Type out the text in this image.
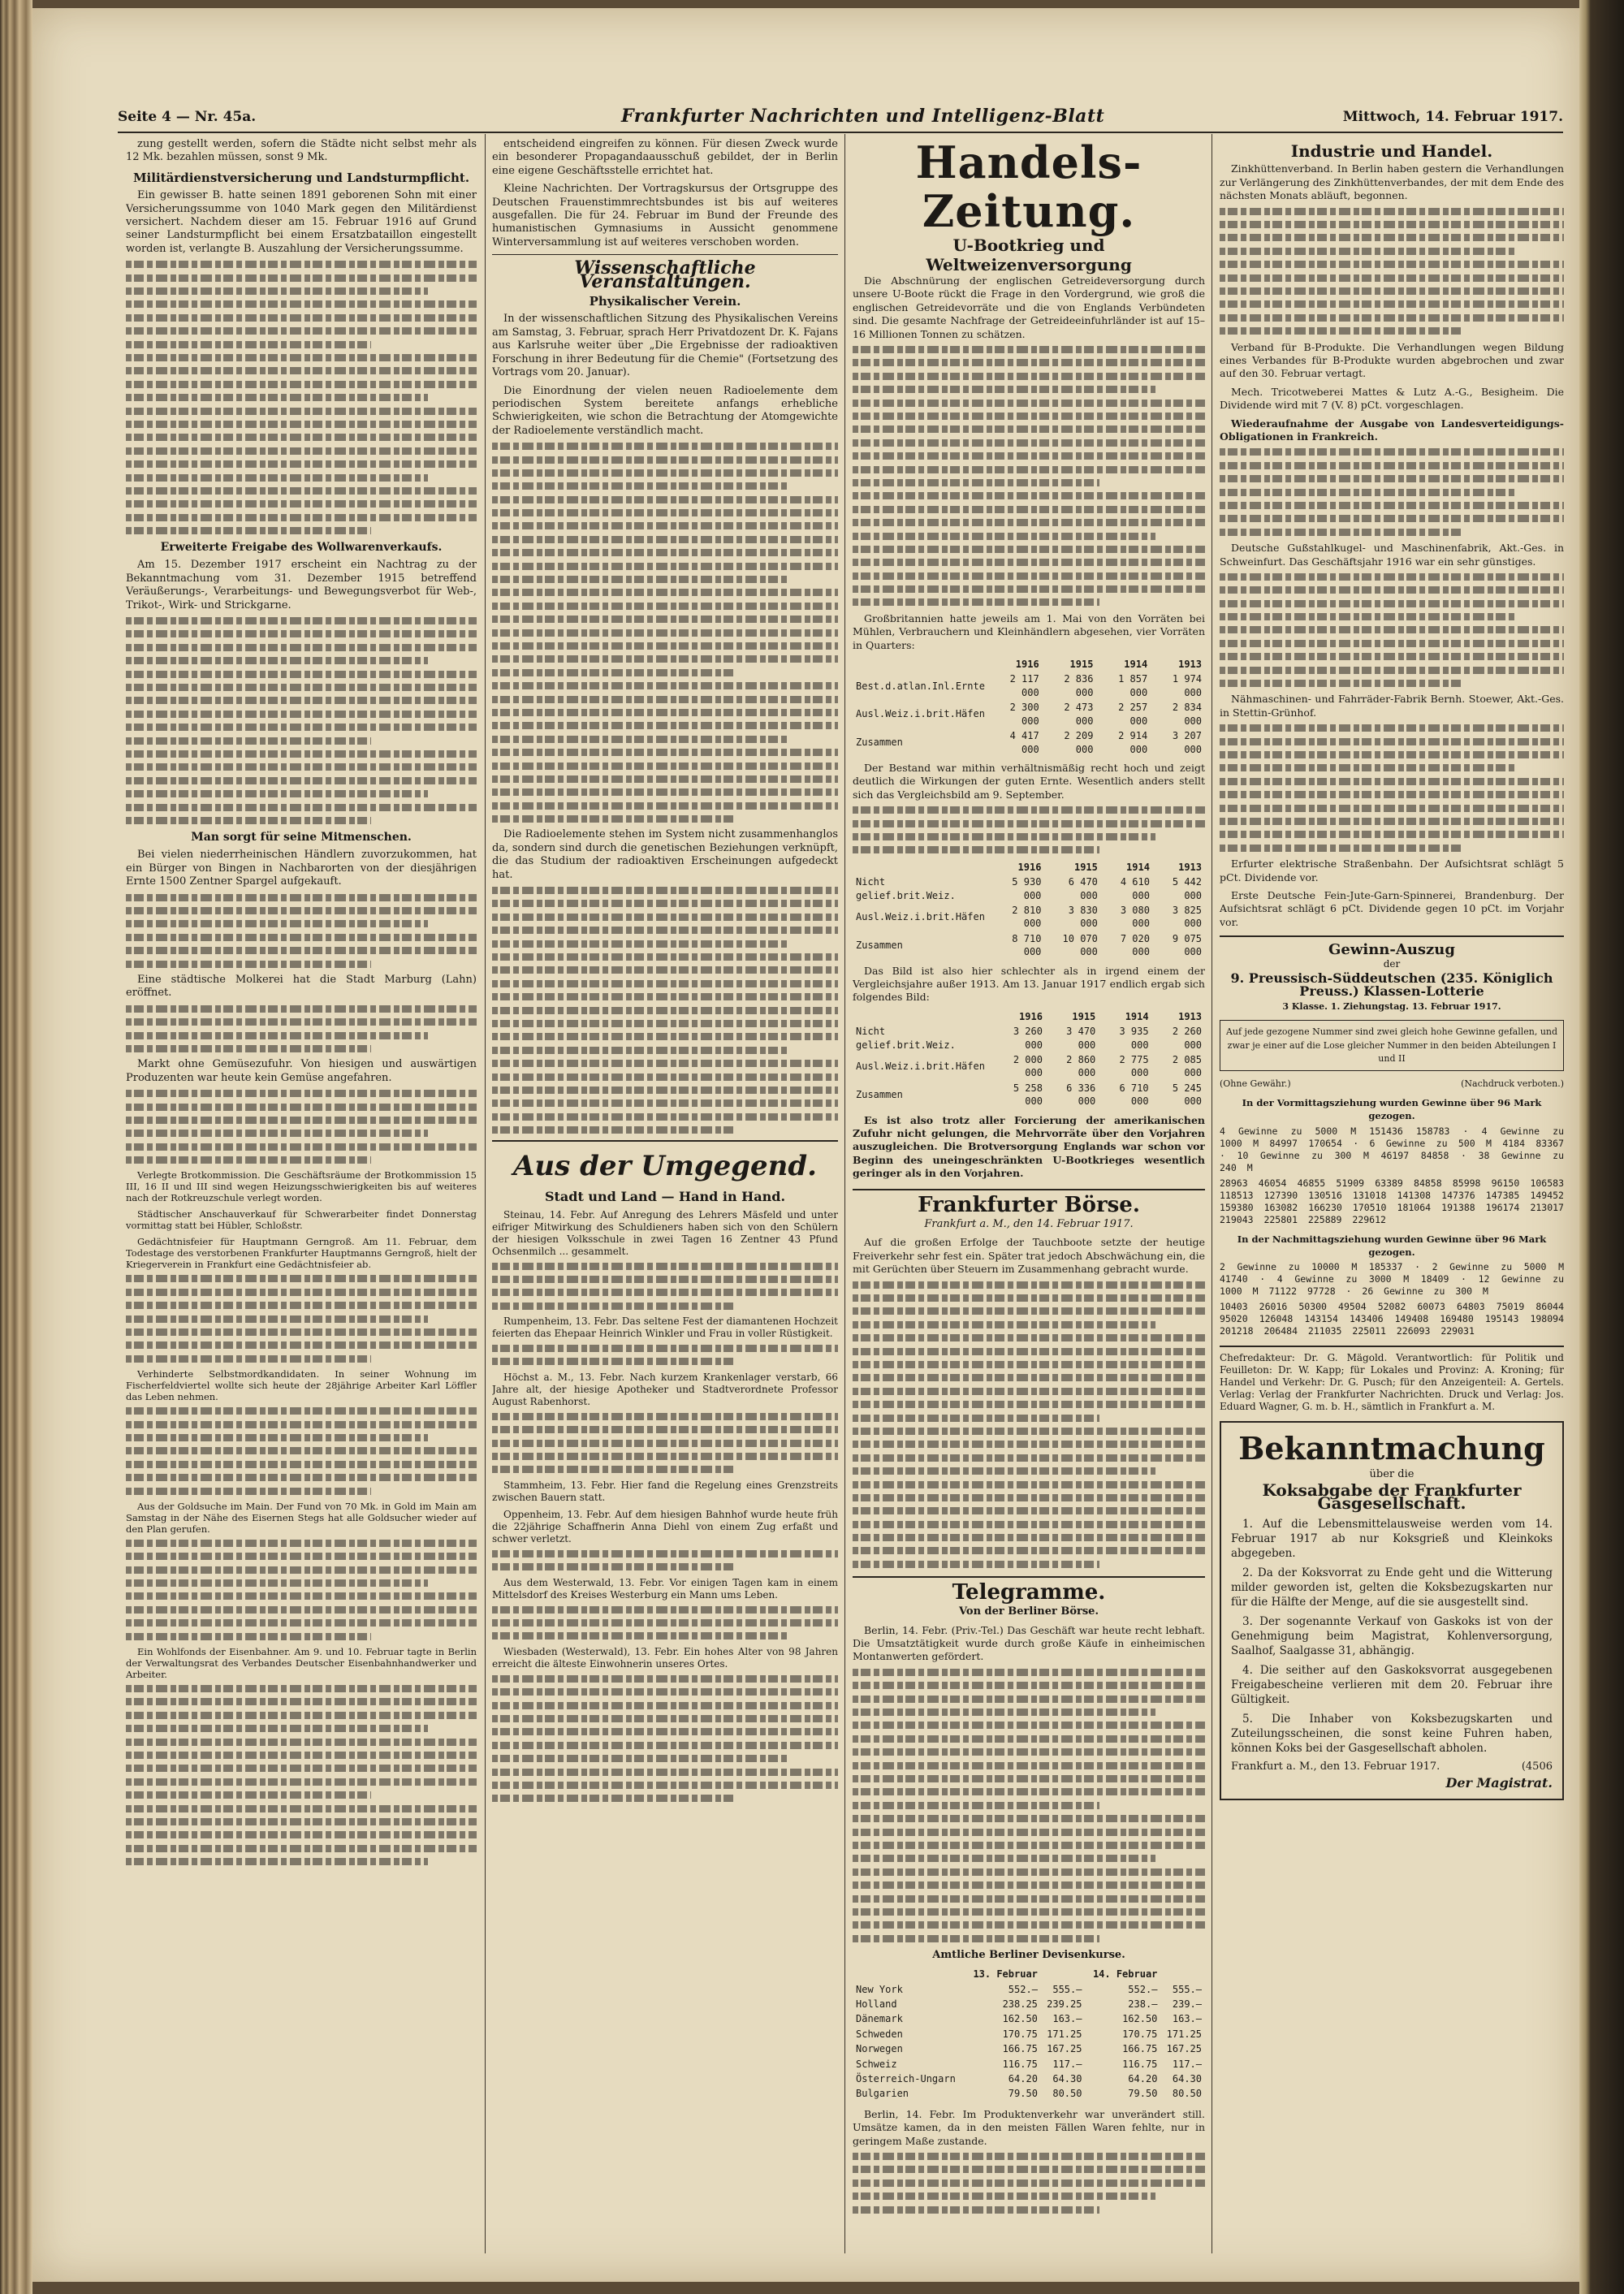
Seite 4 — Nr. 45a.	Frankfurter Nachrichten und Intelligenz-Blatt	Mittwoch, 14. Februar 1917.

zung gestellt werden, sofern die Städte nicht selbst mehr als 12 Mk. bezahlen müssen, sonst 9 Mk.

Militärdienstversicherung und Landsturmpflicht.

Ein gewisser B. hatte seinen 1891 geborenen Sohn mit einer Versicherungssumme von 1040 Mark gegen den Militärdienst versichert. Nachdem dieser am 15. Februar 1916 auf Grund seiner Landsturmpflicht bei einem Ersatzbataillon eingestellt worden ist, verlangte B. Auszahlung der Versicherungssumme.

Erweiterte Freigabe des Wollwarenverkaufs.

Am 15. Dezember 1917 erscheint ein Nachtrag zu der Bekanntmachung vom 31. Dezember 1915 betreffend Veräußerungs-, Verarbeitungs- und Bewegungsverbot für Web-, Trikot-, Wirk- und Strickgarne.

Man sorgt für seine Mitmenschen.

Bei vielen niederrheinischen Händlern zuvorzukommen, hat ein Bürger von Bingen in Nachbarorten von der diesjährigen Ernte 1500 Zentner Spargel aufgekauft.

Eine städtische Molkerei hat die Stadt Marburg (Lahn) eröffnet.

Markt ohne Gemüsezufuhr. Von hiesigen und auswärtigen Produzenten war heute kein Gemüse angefahren.

Verlegte Brotkommission. Die Geschäftsräume der Brotkommission 15 III, 16 II und III sind wegen Heizungsschwierigkeiten bis auf weiteres nach der Rotkreuzschule verlegt worden.

Städtischer Anschauverkauf für Schwerarbeiter findet Donnerstag vormittag statt bei Hübler, Schloßstr.

Gedächtnisfeier für Hauptmann Gerngroß. Am 11. Februar, dem Todestage des verstorbenen Frankfurter Hauptmanns Gerngroß, hielt der Kriegerverein in Frankfurt eine Gedächtnisfeier ab.

Verhinderte Selbstmordkandidaten. In seiner Wohnung im Fischerfeldviertel wollte sich heute der 28jährige Arbeiter Karl Löffler das Leben nehmen.

Aus der Goldsuche im Main. Der Fund von 70 Mk. in Gold im Main am Samstag in der Nähe des Eisernen Stegs hat alle Goldsucher wieder auf den Plan gerufen.

Ein Wohlfonds der Eisenbahner. Am 9. und 10. Februar tagte in Berlin der Verwaltungsrat des Verbandes Deutscher Eisenbahnhandwerker und Arbeiter.

entscheidend eingreifen zu können. Für diesen Zweck wurde ein besonderer Propagandaausschuß gebildet, der in Berlin eine eigene Geschäftsstelle errichtet hat.

Kleine Nachrichten. Der Vortragskursus der Ortsgruppe des Deutschen Frauenstimmrechtsbundes ist bis auf weiteres ausgefallen. Die für 24. Februar im Bund der Freunde des humanistischen Gymnasiums in Aussicht genommene Winterversammlung ist auf weiteres verschoben worden.

Wissenschaftliche Veranstaltungen.
Physikalischer Verein.

In der wissenschaftlichen Sitzung des Physikalischen Vereins am Samstag, 3. Februar, sprach Herr Privatdozent Dr. K. Fajans aus Karlsruhe weiter über „Die Ergebnisse der radioaktiven Forschung in ihrer Bedeutung für die Chemie" (Fortsetzung des Vortrags vom 20. Januar).

Die Einordnung der vielen neuen Radioelemente dem periodischen System bereitete anfangs erhebliche Schwierigkeiten, wie schon die Betrachtung der Atomgewichte der Radioelemente verständlich macht.

Die Radioelemente stehen im System nicht zusammenhanglos da, sondern sind durch die genetischen Beziehungen verknüpft, die das Studium der radioaktiven Erscheinungen aufgedeckt hat.

Aus der Umgegend.
Stadt und Land — Hand in Hand.

Steinau, 14. Febr. Auf Anregung des Lehrers Mäsfeld und unter eifriger Mitwirkung des Schuldieners haben sich von den Schülern der hiesigen Volksschule in zwei Tagen 16 Zentner 43 Pfund Ochsenmilch ... gesammelt.

Rumpenheim, 13. Febr. Das seltene Fest der diamantenen Hochzeit feierten das Ehepaar Heinrich Winkler und Frau in voller Rüstigkeit.

Höchst a. M., 13. Febr. Nach kurzem Krankenlager verstarb, 66 Jahre alt, der hiesige Apotheker und Stadtverordnete Professor August Rabenhorst.

Stammheim, 13. Febr. Hier fand die Regelung eines Grenzstreits zwischen Bauern statt.

Oppenheim, 13. Febr. Auf dem hiesigen Bahnhof wurde heute früh die 22jährige Schaffnerin Anna Diehl von einem Zug erfaßt und schwer verletzt.

Aus dem Westerwald, 13. Febr. Vor einigen Tagen kam in einem Mittelsdorf des Kreises Westerburg ein Mann ums Leben.

Wiesbaden (Westerwald), 13. Febr. Ein hohes Alter von 98 Jahren erreicht die älteste Einwohnerin unseres Ortes.

Handels-Zeitung.
U-Bootkrieg und Weltweizenversorgung

Die Abschnürung der englischen Getreideversorgung durch unsere U-Boote rückt die Frage in den Vordergrund, wie groß die englischen Getreidevorräte und die von Englands Verbündeten sind. Die gesamte Nachfrage der Getreideeinfuhrländer ist auf 15–16 Millionen Tonnen zu schätzen.

Großbritannien hatte jeweils am 1. Mai von den Vorräten bei Mühlen, Verbrauchern und Kleinhändlern abgesehen, vier Vorräten in Quarters:

	1916	1915	1914	1913
Best.d.atlan.Inl.Ernte	2 117 000	2 836 000	1 857 000	1 974 000
Ausl.Weiz.i.brit.Häfen	2 300 000	2 473 000	2 257 000	2 834 000
Zusammen	4 417 000	2 209 000	2 914 000	3 207 000

Der Bestand war mithin verhältnismäßig recht hoch und zeigt deutlich die Wirkungen der guten Ernte. Wesentlich anders stellt sich das Vergleichsbild am 9. September.

	1916	1915	1914	1913
Nicht gelief.brit.Weiz.	5 930 000	6 470 000	4 610 000	5 442 000
Ausl.Weiz.i.brit.Häfen	2 810 000	3 830 000	3 080 000	3 825 000
Zusammen	8 710 000	10 070 000	7 020 000	9 075 000

Das Bild ist also hier schlechter als in irgend einem der Vergleichsjahre außer 1913. Am 13. Januar 1917 endlich ergab sich folgendes Bild:

	1916	1915	1914	1913
Nicht gelief.brit.Weiz.	3 260 000	3 470 000	3 935 000	2 260 000
Ausl.Weiz.i.brit.Häfen	2 000 000	2 860 000	2 775 000	2 085 000
Zusammen	5 258 000	6 336 000	6 710 000	5 245 000

Es ist also trotz aller Forcierung der amerikanischen Zufuhr nicht gelungen, die Mehrvorräte über den Vorjahren auszugleichen. Die Brotversorgung Englands war schon vor Beginn des uneingeschränkten U-Bootkrieges wesentlich geringer als in den Vorjahren.

Frankfurter Börse.
Frankfurt a. M., den 14. Februar 1917.

Auf die großen Erfolge der Tauchboote setzte der heutige Freiverkehr sehr fest ein. Später trat jedoch Abschwächung ein, die mit Gerüchten über Steuern im Zusammenhang gebracht wurde.

Telegramme.
Von der Berliner Börse.

Berlin, 14. Febr. (Priv.-Tel.) Das Geschäft war heute recht lebhaft. Die Umsatztätigkeit wurde durch große Käufe in einheimischen Montanwerten gefördert.

Amtliche Berliner Devisenkurse.
	13. Februar		14. Februar	
New York	552.—	555.—	552.—	555.—
Holland	238.25	239.25	238.—	239.—
Dänemark	162.50	163.—	162.50	163.—
Schweden	170.75	171.25	170.75	171.25
Norwegen	166.75	167.25	166.75	167.25
Schweiz	116.75	117.—	116.75	117.—
Österreich-Ungarn	64.20	64.30	64.20	64.30
Bulgarien	79.50	80.50	79.50	80.50

Berlin, 14. Febr. Im Produktenverkehr war unverändert still. Umsätze kamen, da in den meisten Fällen Waren fehlte, nur in geringem Maße zustande.

Industrie und Handel.

Zinkhüttenverband. In Berlin haben gestern die Verhandlungen zur Verlängerung des Zinkhüttenverbandes, der mit dem Ende des nächsten Monats abläuft, begonnen.

Verband für B-Produkte. Die Verhandlungen wegen Bildung eines Verbandes für B-Produkte wurden abgebrochen und zwar auf den 30. Februar vertagt.

Mech. Tricotweberei Mattes & Lutz A.-G., Besigheim. Die Dividende wird mit 7 (V. 8) pCt. vorgeschlagen.

Wiederaufnahme der Ausgabe von Landesverteidigungs-Obligationen in Frankreich.

Deutsche Gußstahlkugel- und Maschinenfabrik, Akt.-Ges. in Schweinfurt. Das Geschäftsjahr 1916 war ein sehr günstiges.

Nähmaschinen- und Fahrräder-Fabrik Bernh. Stoewer, Akt.-Ges. in Stettin-Grünhof.

Erfurter elektrische Straßenbahn. Der Aufsichtsrat schlägt 5 pCt. Dividende vor.

Erste Deutsche Fein-Jute-Garn-Spinnerei, Brandenburg. Der Aufsichtsrat schlägt 6 pCt. Dividende gegen 10 pCt. im Vorjahr vor.

Gewinn-Auszug
der
9. Preussisch-Süddeutschen (235. Königlich Preuss.) Klassen-Lotterie
3 Klasse. 1. Ziehungstag. 13. Februar 1917.
Auf jede gezogene Nummer sind zwei gleich hohe Gewinne gefallen, und zwar je einer auf die Lose gleicher Nummer in den beiden Abteilungen I und II
(Ohne Gewähr.)	(Nachdruck verboten.)
In der Vormittagsziehung wurden Gewinne über 96 Mark gezogen.
4 Gewinne zu 5000 M 151436 158783 · 4 Gewinne zu 1000 M 84997 170654 · 6 Gewinne zu 500 M 4184 83367 · 10 Gewinne zu 300 M 46197 84858 · 38 Gewinne zu 240 M
28963 46054 46855 51909 63389 84858 85998 96150 106583 118513 127390 130516 131018 141308 147376 147385 149452 159380 163082 166230 170510 181064 191388 196174 213017 219043 225801 225889 229612
In der Nachmittagsziehung wurden Gewinne über 96 Mark gezogen.
2 Gewinne zu 10000 M 185337 · 2 Gewinne zu 5000 M 41740 · 4 Gewinne zu 3000 M 18409 · 12 Gewinne zu 1000 M 71122 97728 · 26 Gewinne zu 300 M
10403 26016 50300 49504 52082 60073 64803 75019 86044 95020 126048 143154 143406 149408 169480 195143 198094 201218 206484 211035 225011 226093 229031

Chefredakteur: Dr. G. Mägold. Verantwortlich: für Politik und Feuilleton: Dr. W. Kapp; für Lokales und Provinz: A. Kroning; für Handel und Verkehr: Dr. G. Pusch; für den Anzeigenteil: A. Gertels. Verlag: Verlag der Frankfurter Nachrichten. Druck und Verlag: Jos. Eduard Wagner, G. m. b. H., sämtlich in Frankfurt a. M.

Bekanntmachung
über die
Koksabgabe der Frankfurter Gasgesellschaft.

1. Auf die Lebensmittelausweise werden vom 14. Februar 1917 ab nur Koksgrieß und Kleinkoks abgegeben.

2. Da der Koksvorrat zu Ende geht und die Witterung milder geworden ist, gelten die Koksbezugskarten nur für die Hälfte der Menge, auf die sie ausgestellt sind.

3. Der sogenannte Verkauf von Gaskoks ist von der Genehmigung beim Magistrat, Kohlenversorgung, Saalhof, Saalgasse 31, abhängig.

4. Die seither auf den Gaskoksvorrat ausgegebenen Freigabescheine verlieren mit dem 20. Februar ihre Gültigkeit.

5. Die Inhaber von Koksbezugskarten und Zuteilungsscheinen, die sonst keine Fuhren haben, können Koks bei der Gasgesellschaft abholen.

Frankfurt a. M., den 13. Februar 1917.	(4506
Der Magistrat.
